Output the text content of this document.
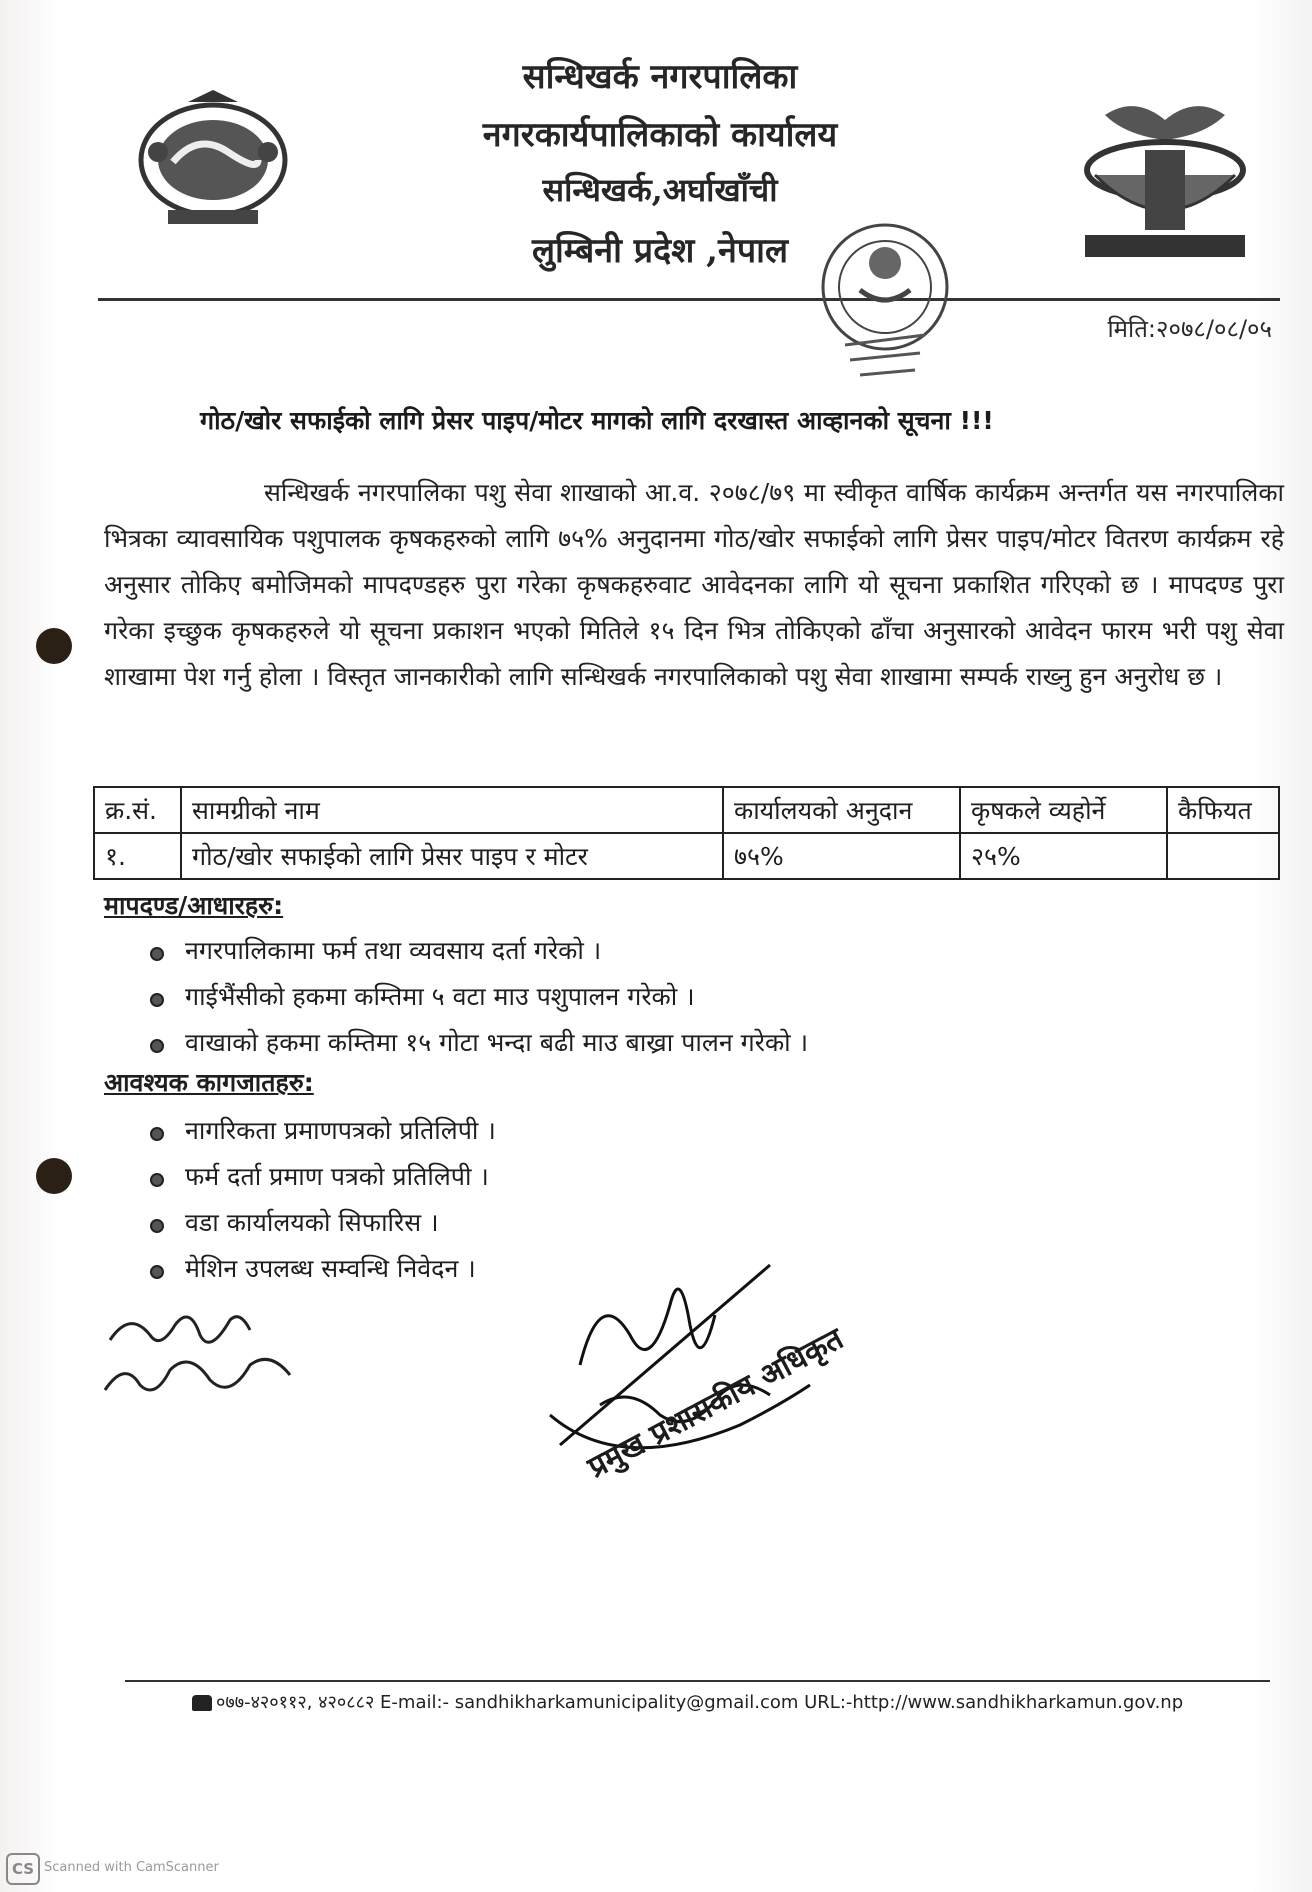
सन्धिखर्क नगरपालिका
नगरकार्यपालिकाको कार्यालय
सन्धिखर्क,अर्घाखाँची
लुम्बिनी प्रदेश ,नेपाल
मिति:२०७८/०८/०५
गोठ/खोर सफाईको लागि प्रेसर पाइप/मोटर मागको लागि दरखास्त आव्हानको सूचना !!!

सन्धिखर्क नगरपालिका पशु सेवा शाखाको आ.व. २०७८/७९ मा स्वीकृत वार्षिक कार्यक्रम अन्तर्गत यस नगरपालिका भित्रका व्यावसायिक पशुपालक कृषकहरुको लागि ७५% अनुदानमा गोठ/खोर सफाईको लागि प्रेसर पाइप/मोटर वितरण कार्यक्रम रहे अनुसार तोकिए बमोजिमको मापदण्डहरु पुरा गरेका कृषकहरुवाट आवेदनका लागि यो सूचना प्रकाशित गरिएको छ । मापदण्ड पुरा गरेका इच्छुक कृषकहरुले यो सूचना प्रकाशन भएको मितिले १५ दिन भित्र तोकिएको ढाँचा अनुसारको आवेदन फारम भरी पशु सेवा शाखामा पेश गर्नु होला । विस्तृत जानकारीको लागि सन्धिखर्क नगरपालिकाको पशु सेवा शाखामा सम्पर्क राख्नु हुन अनुरोध छ ।

क्र.सं.	सामग्रीको नाम	कार्यालयको अनुदान	कृषकले व्यहोर्ने	कैफियत
१.	गोठ/खोर सफाईको लागि प्रेसर पाइप र मोटर	७५%	२५%	
मापदण्ड/आधारहरु:
नगरपालिकामा फर्म तथा व्यवसाय दर्ता गरेको ।
गाईभैंसीको हकमा कम्तिमा ५ वटा माउ पशुपालन गरेको ।
वाखाको हकमा कम्तिमा १५ गोटा भन्दा बढी माउ बाख्रा पालन गरेको ।
आवश्यक कागजातहरु:
नागरिकता प्रमाणपत्रको प्रतिलिपी ।
फर्म दर्ता प्रमाण पत्रको प्रतिलिपी ।
वडा कार्यालयको सिफारिस ।
मेशिन उपलब्ध सम्वन्धि निवेदन ।
प्रमुख प्रशासकीय अधिकृत
०७७-४२०११२, ४२०८८२ E-mail:- sandhikharkamunicipality@gmail.com URL:-http://www.sandhikharkamun.gov.np
CS Scanned with CamScanner
